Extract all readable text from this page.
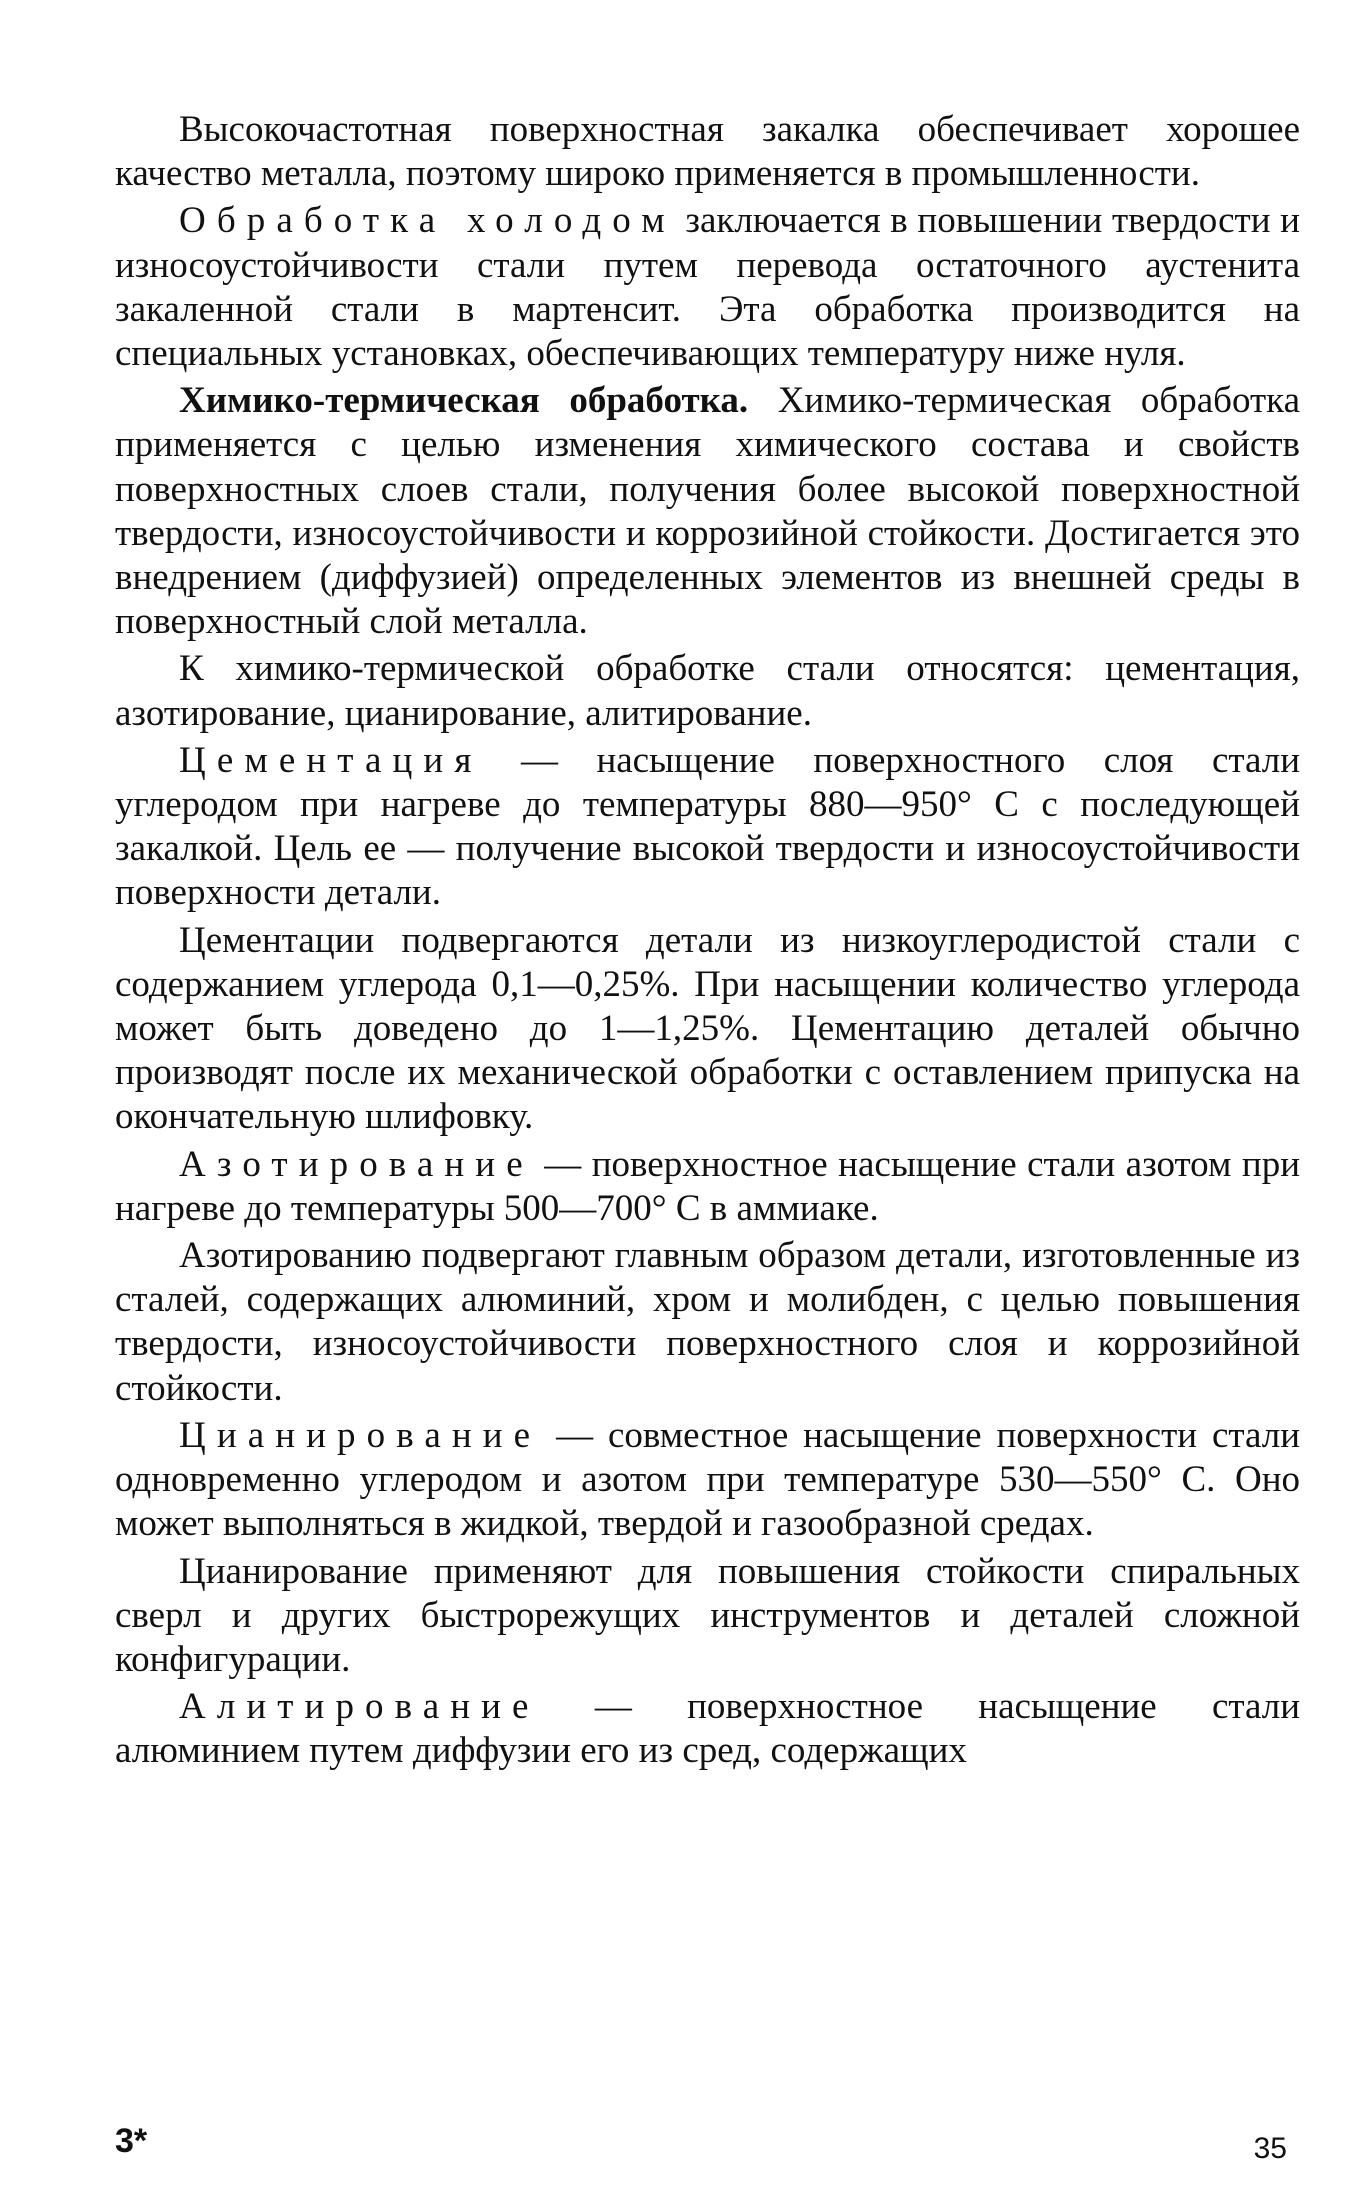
Высокочастотная поверхностная закалка обеспечивает хорошее качество металла, поэтому широко применяется в промышленности.

Обработка холодом заключается в повышении твердости и износоустойчивости стали путем перевода остаточного аустенита закаленной стали в мартенсит. Эта обработка производится на специальных установках, обеспечивающих температуру ниже нуля.

Химико-термическая обработка. Химико-термическая обработка применяется с целью изменения химического состава и свойств поверхностных слоев стали, получения более высокой поверхностной твердости, износоустойчивости и коррозийной стойкости. Достигается это внедрением (диффузией) определенных элементов из внешней среды в поверхностный слой металла.

К химико-термической обработке стали относятся: цементация, азотирование, цианирование, алитирование.

Цементация — насыщение поверхностного слоя стали углеродом при нагреве до температуры 880—950° С с последующей закалкой. Цель ее — получение высокой твердости и износоустойчивости поверхности детали.

Цементации подвергаются детали из низкоуглеродистой стали с содержанием углерода 0,1—0,25%. При насыщении количество углерода может быть доведено до 1—1,25%. Цементацию деталей обычно производят после их механической обработки с оставлением припуска на окончательную шлифовку.

Азотирование — поверхностное насыщение стали азотом при нагреве до температуры 500—700° С в аммиаке.

Азотированию подвергают главным образом детали, изготовленные из сталей, содержащих алюминий, хром и молибден, с целью повышения твердости, износоустойчивости поверхностного слоя и коррозийной стойкости.

Цианирование — совместное насыщение поверхности стали одновременно углеродом и азотом при температуре 530—550° С. Оно может выполняться в жидкой, твердой и газообразной средах.

Цианирование применяют для повышения стойкости спиральных сверл и других быстрорежущих инструментов и деталей сложной конфигурации.

Алитирование — поверхностное насыщение стали алюминием путем диффузии его из сред, содержащих

3*	35
